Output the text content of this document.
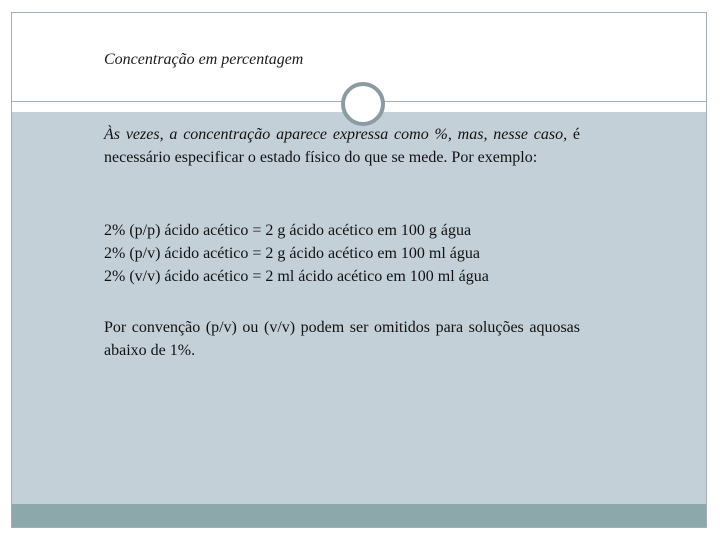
Concentração em percentagem

Às vezes, a concentração aparece expressa como %, mas, nesse caso, é necessário especificar o estado físico do que se mede. Por exemplo:

2% (p/p) ácido acético = 2 g ácido acético em 100 g água
2% (p/v) ácido acético = 2 g ácido acético em 100 ml água
2% (v/v) ácido acético = 2 ml ácido acético em 100 ml água

Por convenção (p/v) ou (v/v) podem ser omitidos para soluções aquosas abaixo de 1%.
